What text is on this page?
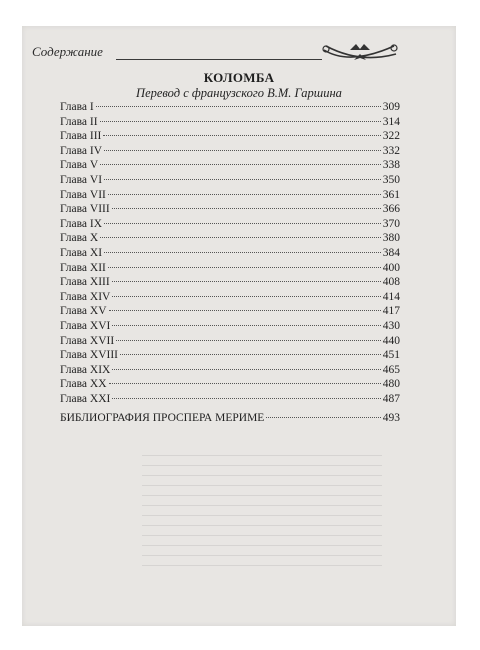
Содержание
КОЛОМБА
Перевод с французского В.М. Гаршина
Глава I	309
Глава II	314
Глава III	322
Глава IV	332
Глава V	338
Глава VI	350
Глава VII	361
Глава VIII	366
Глава IX	370
Глава X	380
Глава XI	384
Глава XII	400
Глава XIII	408
Глава XIV	414
Глава XV	417
Глава XVI	430
Глава XVII	440
Глава XVIII	451
Глава XIX	465
Глава XX	480
Глава XXI	487
БИБЛИОГРАФИЯ ПРОСПЕРА МЕРИМЕ	493
